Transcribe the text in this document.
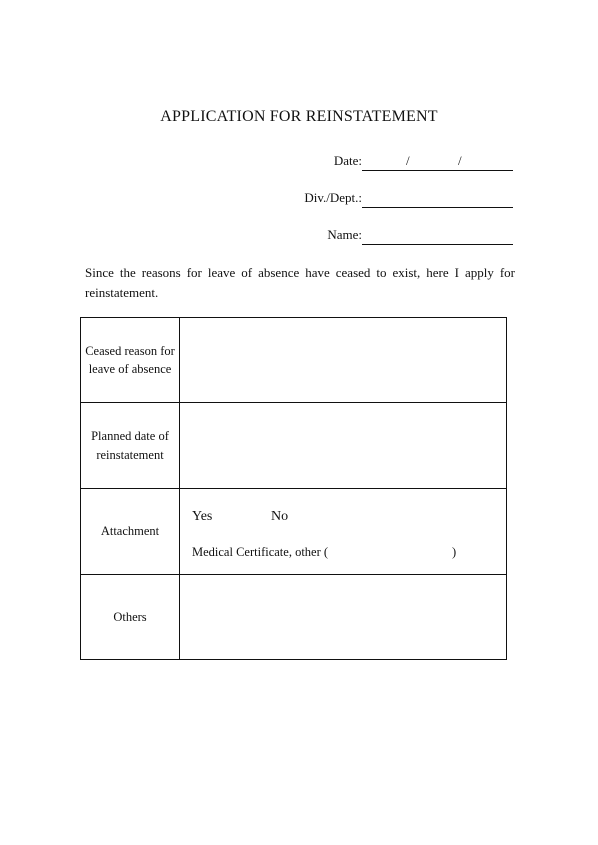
APPLICATION FOR REINSTATEMENT
Date:	/	/
Div./Dept.:
Name:
Since the reasons for leave of absence have ceased to exist, here I apply for reinstatement.
Ceased reason for leave of absence	
Planned date of reinstatement	
Attachment	Yes No
Medical Certificate, other ( )

Others	
